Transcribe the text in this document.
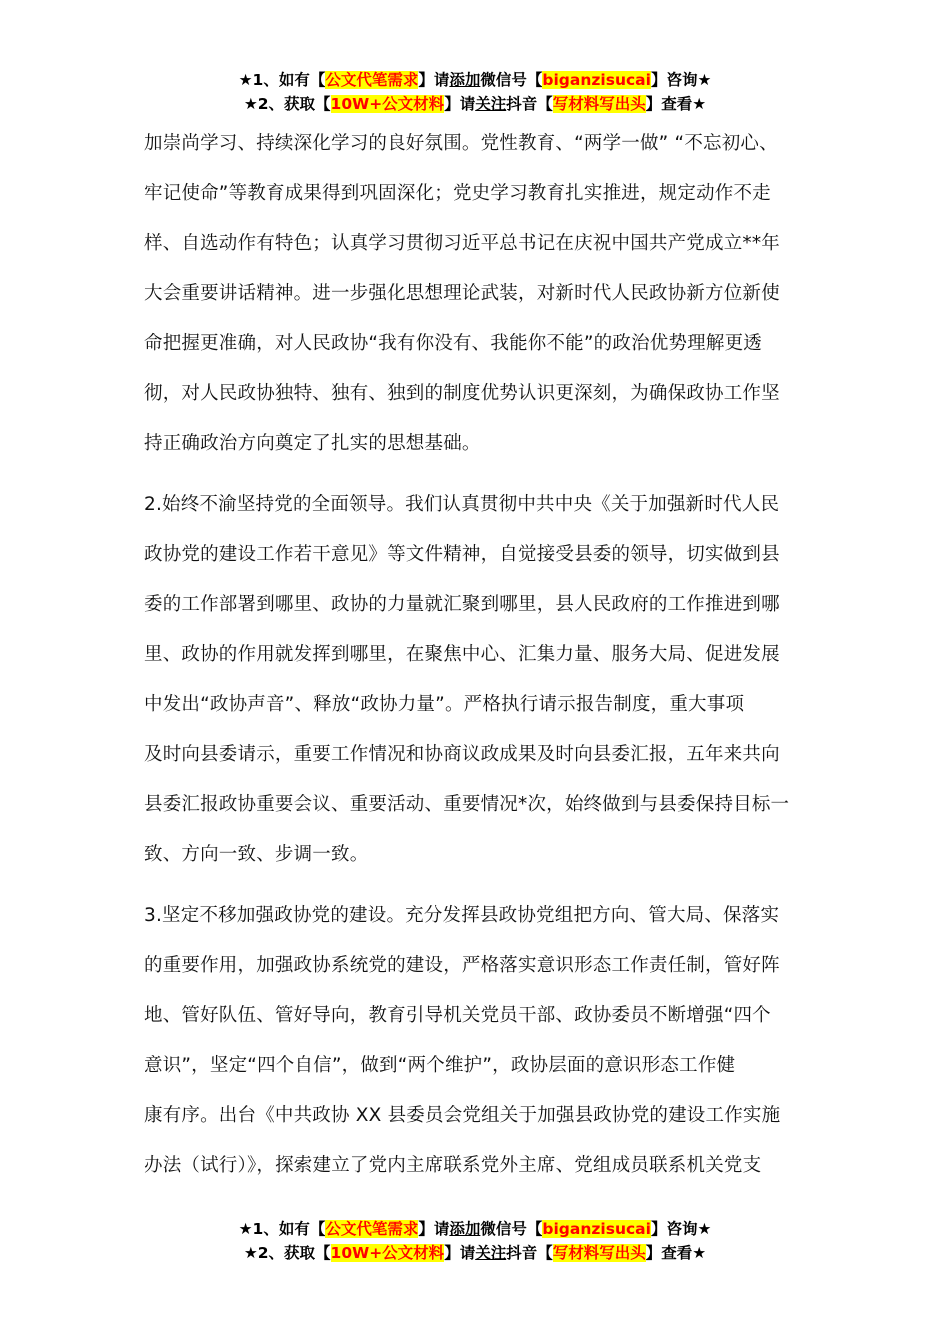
★1、如有【公文代笔需求】请添加微信号【biganzisucai】咨询★
★2、获取【10W+公文材料】请关注抖音【写材料写出头】查看★

加崇尚学习、持续深化学习的良好氛围。党性教育、“两学一做” “不忘初心、
牢记使命”等教育成果得到巩固深化；党史学习教育扎实推进，规定动作不走
样、自选动作有特色；认真学习贯彻习近平总书记在庆祝中国共产党成立**年
大会重要讲话精神。进一步强化思想理论武装，对新时代人民政协新方位新使
命把握更准确，对人民政协“我有你没有、我能你不能”的政治优势理解更透
彻，对人民政协独特、独有、独到的制度优势认识更深刻，为确保政协工作坚
持正确政治方向奠定了扎实的思想基础。

2.始终不渝坚持党的全面领导。我们认真贯彻中共中央《关于加强新时代人民
政协党的建设工作若干意见》等文件精神，自觉接受县委的领导，切实做到县
委的工作部署到哪里、政协的力量就汇聚到哪里，县人民政府的工作推进到哪
里、政协的作用就发挥到哪里，在聚焦中心、汇集力量、服务大局、促进发展
中发出“政协声音”、释放“政协力量”。严格执行请示报告制度，重大事项
及时向县委请示，重要工作情况和协商议政成果及时向县委汇报，五年来共向
县委汇报政协重要会议、重要活动、重要情况*次，始终做到与县委保持目标一
致、方向一致、步调一致。

3.坚定不移加强政协党的建设。充分发挥县政协党组把方向、管大局、保落实
的重要作用，加强政协系统党的建设，严格落实意识形态工作责任制，管好阵
地、管好队伍、管好导向，教育引导机关党员干部、政协委员不断增强“四个
意识”，坚定“四个自信”，做到“两个维护”，政协层面的意识形态工作健
康有序。出台《中共政协 XX 县委员会党组关于加强县政协党的建设工作实施
办法（试行）》，探索建立了党内主席联系党外主席、党组成员联系机关党支

★1、如有【公文代笔需求】请添加微信号【biganzisucai】咨询★
★2、获取【10W+公文材料】请关注抖音【写材料写出头】查看★
